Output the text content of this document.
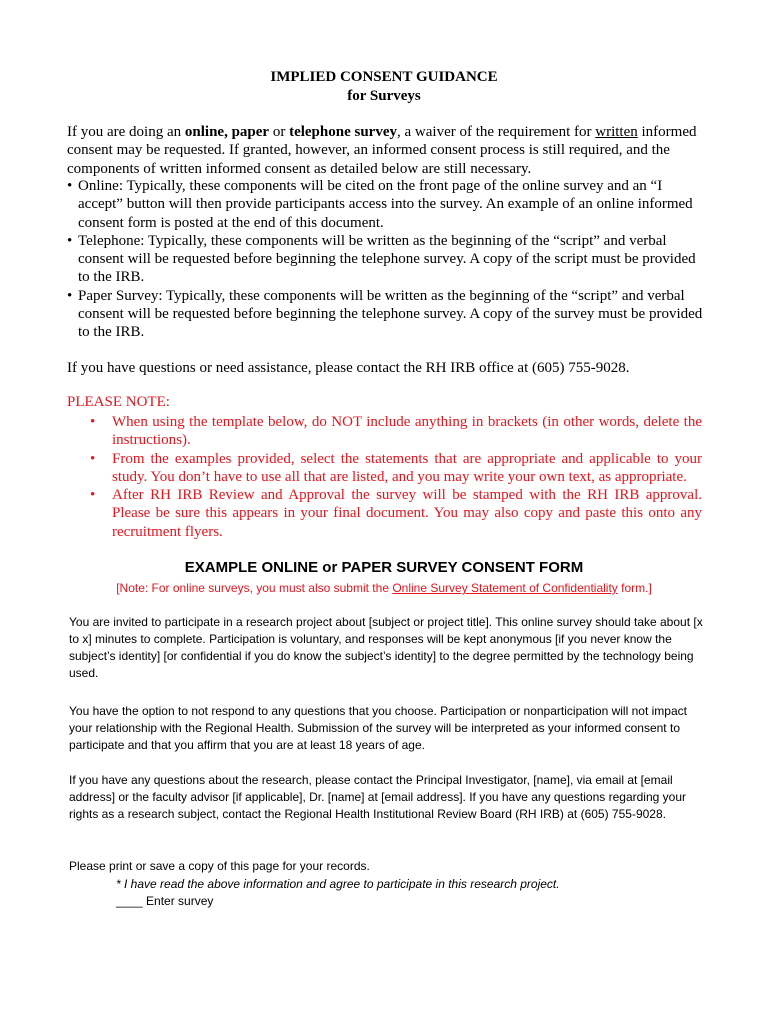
IMPLIED CONSENT GUIDANCE
for Surveys
If you are doing an online, paper or telephone survey, a waiver of the requirement for written informed consent may be requested. If granted, however, an informed consent process is still required, and the components of written informed consent as detailed below are still necessary.
• Online: Typically, these components will be cited on the front page of the online survey and an “I accept” button will then provide participants access into the survey. An example of an online informed consent form is posted at the end of this document.
• Telephone: Typically, these components will be written as the beginning of the “script” and verbal consent will be requested before beginning the telephone survey. A copy of the script must be provided to the IRB.
• Paper Survey: Typically, these components will be written as the beginning of the “script” and verbal consent will be requested before beginning the telephone survey. A copy of the survey must be provided to the IRB.
If you have questions or need assistance, please contact the RH IRB office at (605) 755-9028.
PLEASE NOTE:
• When using the template below, do NOT include anything in brackets (in other words, delete the instructions).
• From the examples provided, select the statements that are appropriate and applicable to your study. You don’t have to use all that are listed, and you may write your own text, as appropriate.
• After RH IRB Review and Approval the survey will be stamped with the RH IRB approval. Please be sure this appears in your final document. You may also copy and paste this onto any recruitment flyers.
EXAMPLE ONLINE or PAPER SURVEY CONSENT FORM
[Note: For online surveys, you must also submit the Online Survey Statement of Confidentiality form.]
You are invited to participate in a research project about [subject or project title]. This online survey should take about [x to x] minutes to complete. Participation is voluntary, and responses will be kept anonymous [if you never know the subject’s identity] [or confidential if you do know the subject’s identity] to the degree permitted by the technology being used.
You have the option to not respond to any questions that you choose. Participation or nonparticipation will not impact your relationship with the Regional Health. Submission of the survey will be interpreted as your informed consent to participate and that you affirm that you are at least 18 years of age.
If you have any questions about the research, please contact the Principal Investigator, [name], via email at [email address] or the faculty advisor [if applicable], Dr. [name] at [email address]. If you have any questions regarding your rights as a research subject, contact the Regional Health Institutional Review Board (RH IRB) at (605) 755-9028.
Please print or save a copy of this page for your records.
* I have read the above information and agree to participate in this research project.
____ Enter survey
